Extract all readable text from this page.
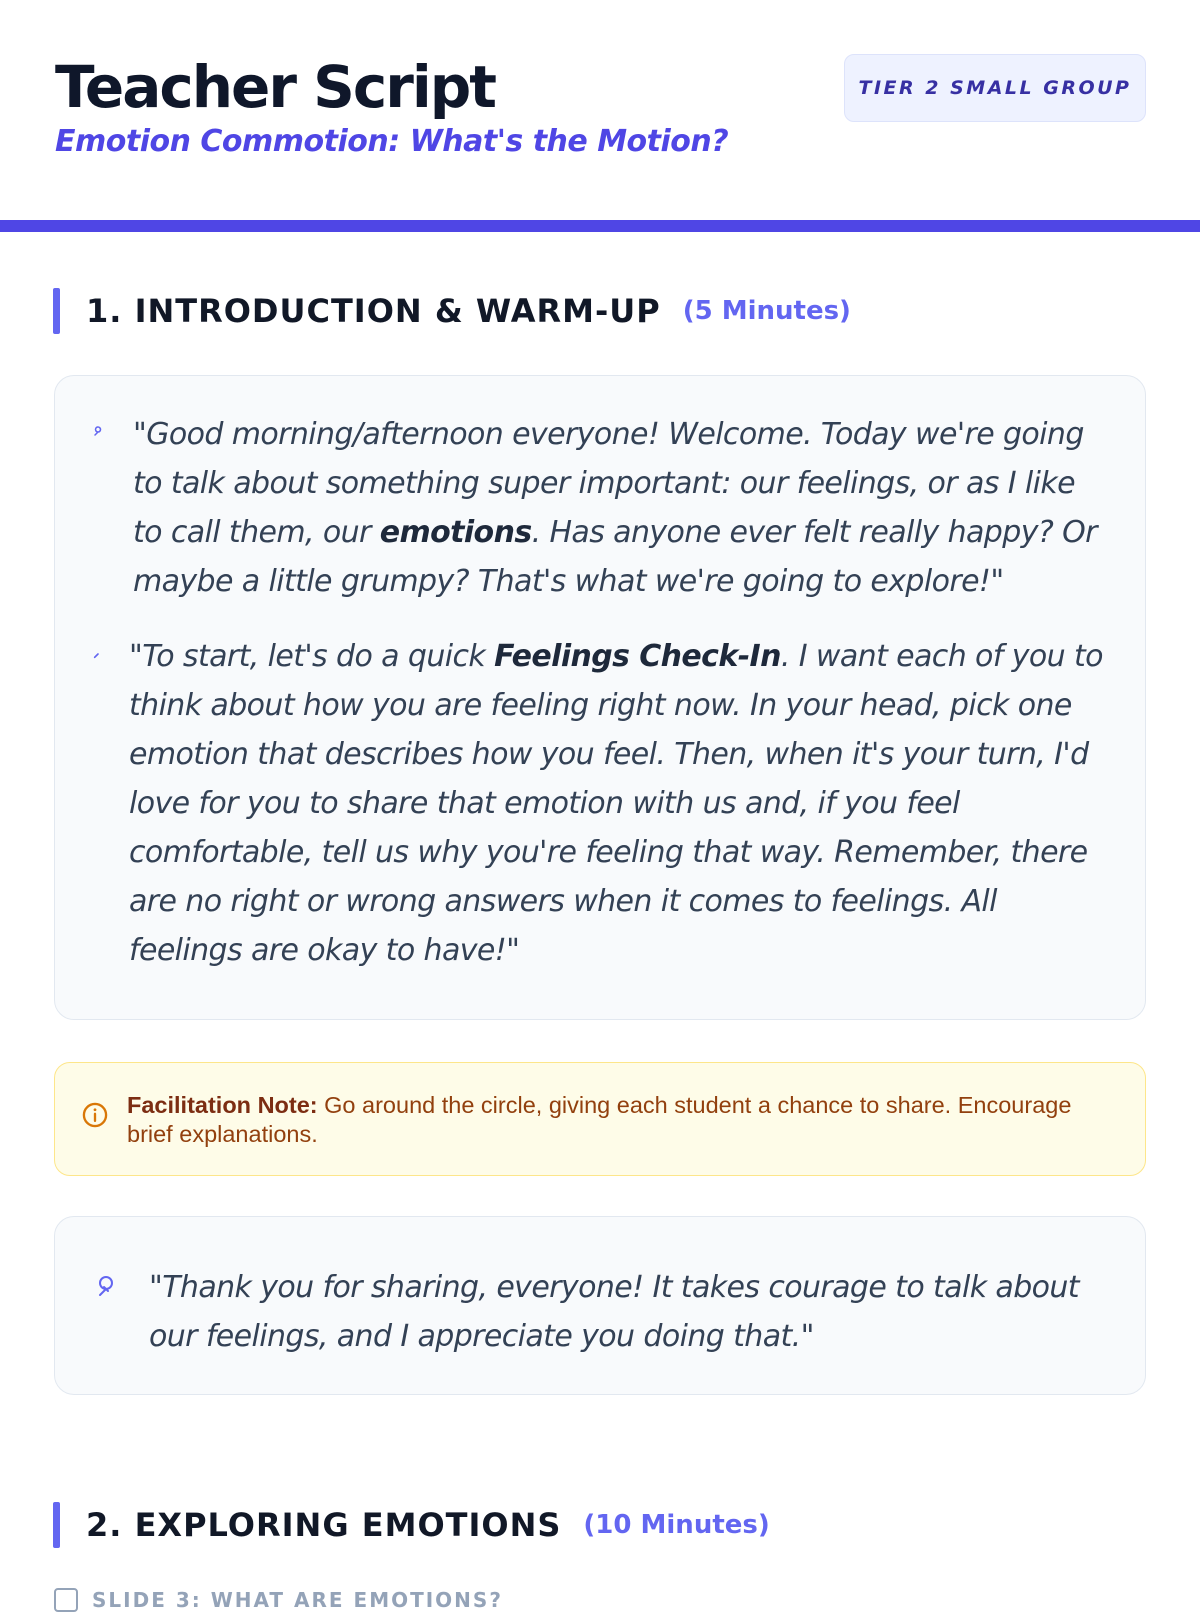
Teacher Script
Emotion Commotion: What's the Motion?
TIER 2 SMALL GROUP
1. INTRODUCTION & WARM-UP (5 Minutes)
"Good morning/afternoon everyone! Welcome. Today we're going to talk about something super important: our feelings, or as I like to call them, our emotions. Has anyone ever felt really happy? Or maybe a little grumpy? That's what we're going to explore!"
"To start, let's do a quick Feelings Check-In. I want each of you to think about how you are feeling right now. In your head, pick one emotion that describes how you feel. Then, when it's your turn, I'd love for you to share that emotion with us and, if you feel comfortable, tell us why you're feeling that way. Remember, there are no right or wrong answers when it comes to feelings. All feelings are okay to have!"
Facilitation Note: Go around the circle, giving each student a chance to share. Encourage brief explanations.
"Thank you for sharing, everyone! It takes courage to talk about our feelings, and I appreciate you doing that."
2. EXPLORING EMOTIONS (10 Minutes)
SLIDE 3: WHAT ARE EMOTIONS?
